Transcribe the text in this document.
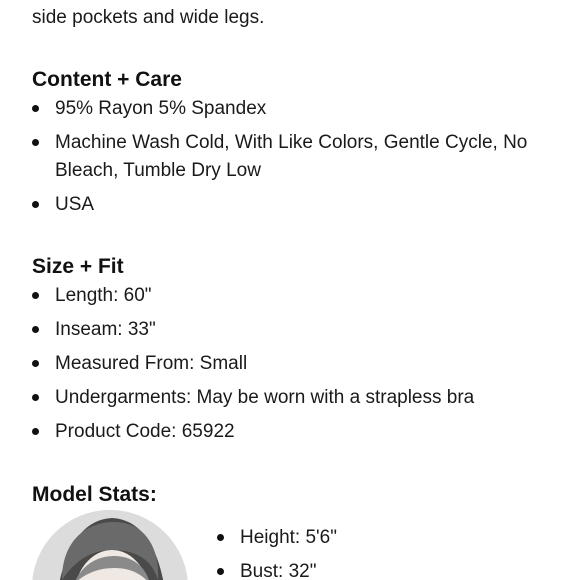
side pockets and wide legs.

Content + Care
95% Rayon 5% Spandex
Machine Wash Cold, With Like Colors, Gentle Cycle, No Bleach, Tumble Dry Low
USA
Size + Fit
Length: 60"
Inseam: 33"
Measured From: Small
Undergarments: May be worn with a strapless bra
Product Code: 65922
Model Stats:
Height: 5'6"
Bust: 32"
